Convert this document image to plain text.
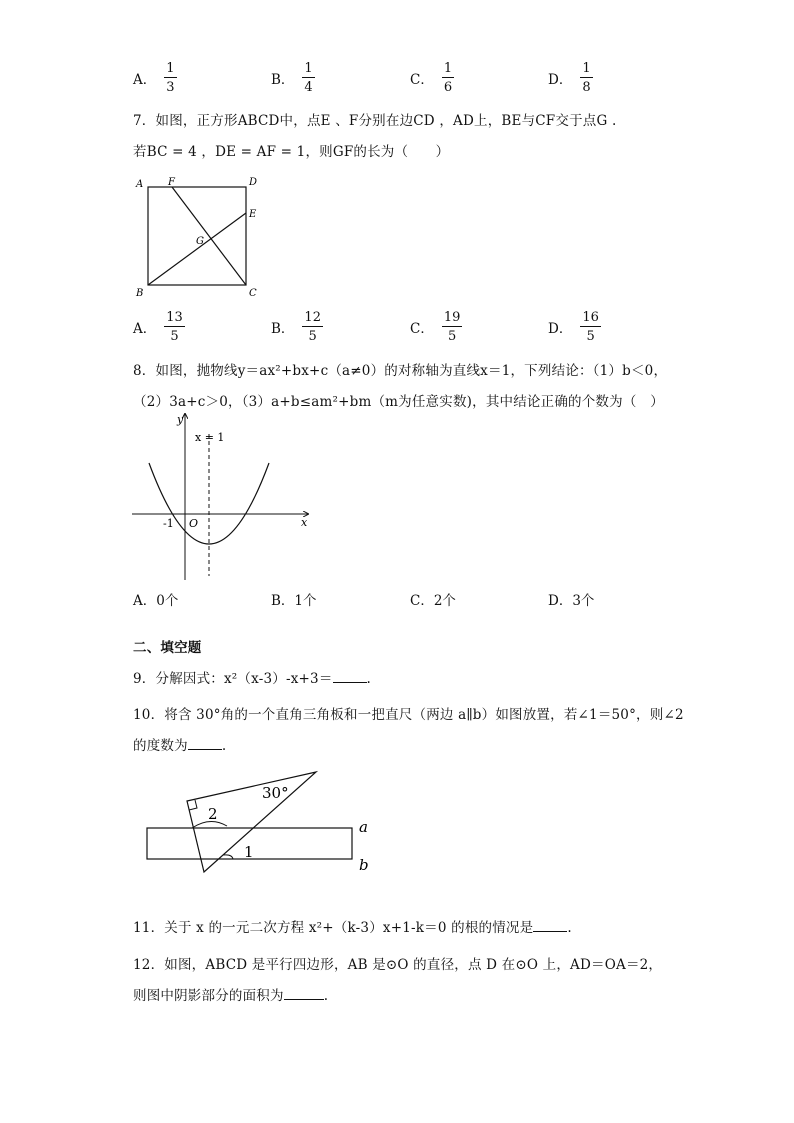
A． $\frac{1}{3}$	B． $\frac{1}{4}$	C． $\frac{1}{6}$	D． $\frac{1}{8}$
7．如图，正方形ABCD中，点E 、F分别在边CD ，AD上，BE与CF交于点G .
若BC = 4 ，DE = AF = 1，则GF的长为（　　）
A F	D
E
G
B	C
A． $\frac{13}{5}$	B． $\frac{12}{5}$	C． $\frac{19}{5}$	D． $\frac{16}{5}$
8．如图，抛物线y＝ax²+bx+c（a≠0）的对称轴为直线x＝1，下列结论：（1）b＜0，
（2）3a+c＞0，（3）a+b≤am²+bm（m为任意实数)，其中结论正确的个数为（　）
y
x
x = 1
-1 O
A．0个	B．1个	C．2个	D．3个
二、填空题
9．分解因式：x²（x-3）-x+3＝	.
10．将含 30°角的一个直角三角板和一把直尺（两边 a∥b）如图放置，若∠1＝50°，则∠2
的度数为	.
30°
2
1
a
b
11．关于 x 的一元二次方程 x²+（k-3）x+1-k＝0 的根的情况是	.
12．如图，ABCD 是平行四边形，AB 是⊙O 的直径，点 D 在⊙O 上，AD＝OA＝2，
则图中阴影部分的面积为	.
